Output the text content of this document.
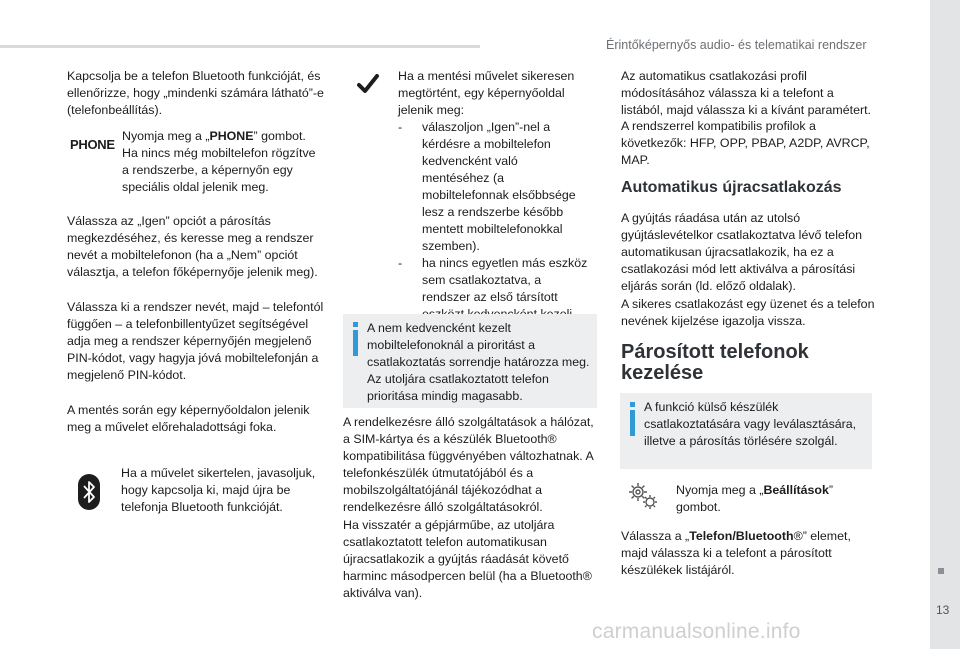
Érintőképernyős audio- és telematikai rendszer
13
Kapcsolja be a telefon Bluetooth funkcióját, és ellenőrizze, hogy „mindenki számára látható”-e (telefonbeállítás).
PHONE
Nyomja meg a „PHONE” gombot. Ha nincs még mobiltelefon rögzítve a rendszerbe, a képernyőn egy speciális oldal jelenik meg.
Válassza az „Igen” opciót a párosítás megkezdéséhez, és keresse meg a rendszer nevét a mobiltelefonon (ha a „Nem” opciót választja, a telefon főképernyője jelenik meg).
Válassza ki a rendszer nevét, majd – telefontól függően – a telefonbillentyűzet segítségével adja meg a rendszer képernyőjén megjelenő PIN-kódot, vagy hagyja jóvá mobiltelefonján a megjelenő PIN-kódot.
A mentés során egy képernyőoldalon jelenik meg a művelet előrehaladottsági foka.
Ha a művelet sikertelen, javasoljuk, hogy kapcsolja ki, majd újra be telefonja Bluetooth funkcióját.
Ha a mentési művelet sikeresen megtörtént, egy képernyőoldal jelenik meg:
- válaszoljon „Igen”-nel a kérdésre a mobiltelefon kedvencként való mentéséhez (a mobiltelefonnak elsőbbsége lesz a rendszerbe később mentett mobiltelefonokkal szemben).
- ha nincs egyetlen más eszköz sem csatlakoztatva, a rendszer az első társított
A nem kedvencként kezelt mobiltelefonoknál a piroritást a csatlakoztatás sorrendje határozza meg. Az utoljára csatlakoztatott telefon prioritása mindig magasabb.
A rendelkezésre álló szolgáltatások a hálózat, a SIM-kártya és a készülék Bluetooth® kompatibilitása függvényében változhatnak. A telefonkészülék útmutatójából és a mobilszolgáltatójánál tájékozódhat a rendelkezésre álló szolgáltatásokról.
Ha visszatér a gépjárműbe, az utoljára csatlakoztatott telefon automatikusan újracsatlakozik a gyújtás ráadását követő harminc másodpercen belül (ha a Bluetooth® aktiválva van).
Az automatikus csatlakozási profil módosításához válassza ki a telefont a listából, majd válassza ki a kívánt paramétert.
A rendszerrel kompatibilis profilok a következők: HFP, OPP, PBAP, A2DP, AVRCP, MAP.
Automatikus újracsatlakozás
A gyújtás ráadása után az utolsó gyújtáslevételkor csatlakoztatva lévő telefon automatikusan újracsatlakozik, ha ez a csatlakozási mód lett aktiválva a párosítási eljárás során (ld. előző oldalak).
A sikeres csatlakozást egy üzenet és a telefon nevének kijelzése igazolja vissza.
Párosított telefonok kezelése
A funkció külső készülék csatlakoztatására vagy leválasztására, illetve a párosítás törlésére szolgál.
Nyomja meg a „Beállítások” gombot.
Válassza a „Telefon/Bluetooth®” elemet, majd válassza ki a telefont a párosított készülékek listájáról.
carmanualsonline.info
